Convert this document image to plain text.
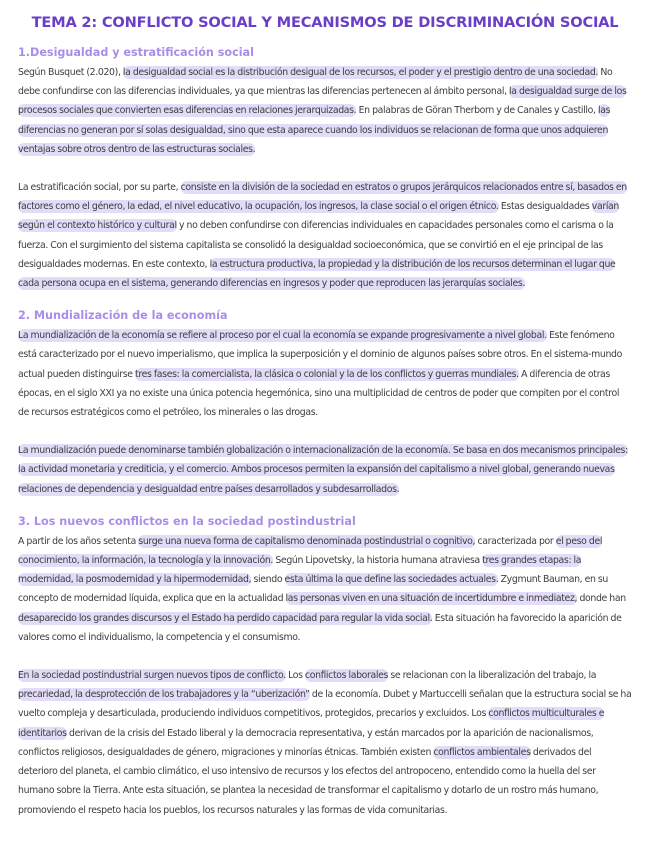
TEMA 2: CONFLICTO SOCIAL Y MECANISMOS DE DISCRIMINACIÓN SOCIAL
1.Desigualdad y estratificación social

Según Busquet (2.020), la desigualdad social es la distribución desigual de los recursos, el poder y el prestigio dentro de una sociedad. No debe confundirse con las diferencias individuales, ya que mientras las diferencias pertenecen al ámbito personal, la desigualdad surge de los procesos sociales que convierten esas diferencias en relaciones jerarquizadas. En palabras de Göran Therborn y de Canales y Castillo, las diferencias no generan por sí solas desigualdad, sino que esta aparece cuando los individuos se relacionan de forma que unos adquieren ventajas sobre otros dentro de las estructuras sociales.

La estratificación social, por su parte, consiste en la división de la sociedad en estratos o grupos jerárquicos relacionados entre sí, basados en factores como el género, la edad, el nivel educativo, la ocupación, los ingresos, la clase social o el origen étnico. Estas desigualdades varían según el contexto histórico y cultural y no deben confundirse con diferencias individuales en capacidades personales como el carisma o la fuerza. Con el surgimiento del sistema capitalista se consolidó la desigualdad socioeconómica, que se convirtió en el eje principal de las desigualdades modernas. En este contexto, la estructura productiva, la propiedad y la distribución de los recursos determinan el lugar que cada persona ocupa en el sistema, generando diferencias en ingresos y poder que reproducen las jerarquías sociales.

2. Mundialización de la economía

La mundialización de la economía se refiere al proceso por el cual la economía se expande progresivamente a nivel global. Este fenómeno está caracterizado por el nuevo imperialismo, que implica la superposición y el dominio de algunos países sobre otros. En el sistema-mundo actual pueden distinguirse tres fases: la comercialista, la clásica o colonial y la de los conflictos y guerras mundiales. A diferencia de otras épocas, en el siglo XXI ya no existe una única potencia hegemónica, sino una multiplicidad de centros de poder que compiten por el control de recursos estratégicos como el petróleo, los minerales o las drogas.

La mundialización puede denominarse también globalización o internacionalización de la economía. Se basa en dos mecanismos principales: la actividad monetaria y crediticia, y el comercio. Ambos procesos permiten la expansión del capitalismo a nivel global, generando nuevas relaciones de dependencia y desigualdad entre países desarrollados y subdesarrollados.

3. Los nuevos conflictos en la sociedad postindustrial

A partir de los años setenta surge una nueva forma de capitalismo denominada postindustrial o cognitivo, caracterizada por el peso del conocimiento, la información, la tecnología y la innovación. Según Lipovetsky, la historia humana atraviesa tres grandes etapas: la modernidad, la posmodernidad y la hipermodernidad, siendo esta última la que define las sociedades actuales. Zygmunt Bauman, en su concepto de modernidad líquida, explica que en la actualidad las personas viven en una situación de incertidumbre e inmediatez, donde han desaparecido los grandes discursos y el Estado ha perdido capacidad para regular la vida social. Esta situación ha favorecido la aparición de valores como el individualismo, la competencia y el consumismo.

En la sociedad postindustrial surgen nuevos tipos de conflicto. Los conflictos laborales se relacionan con la liberalización del trabajo, la precariedad, la desprotección de los trabajadores y la “uberización” de la economía. Dubet y Martuccelli señalan que la estructura social se ha vuelto compleja y desarticulada, produciendo individuos competitivos, protegidos, precarios y excluidos. Los conflictos multiculturales e identitarios derivan de la crisis del Estado liberal y la democracia representativa, y están marcados por la aparición de nacionalismos, conflictos religiosos, desigualdades de género, migraciones y minorías étnicas. También existen conflictos ambientales derivados del deterioro del planeta, el cambio climático, el uso intensivo de recursos y los efectos del antropoceno, entendido como la huella del ser humano sobre la Tierra. Ante esta situación, se plantea la necesidad de transformar el capitalismo y dotarlo de un rostro más humano, promoviendo el respeto hacia los pueblos, los recursos naturales y las formas de vida comunitarias.
